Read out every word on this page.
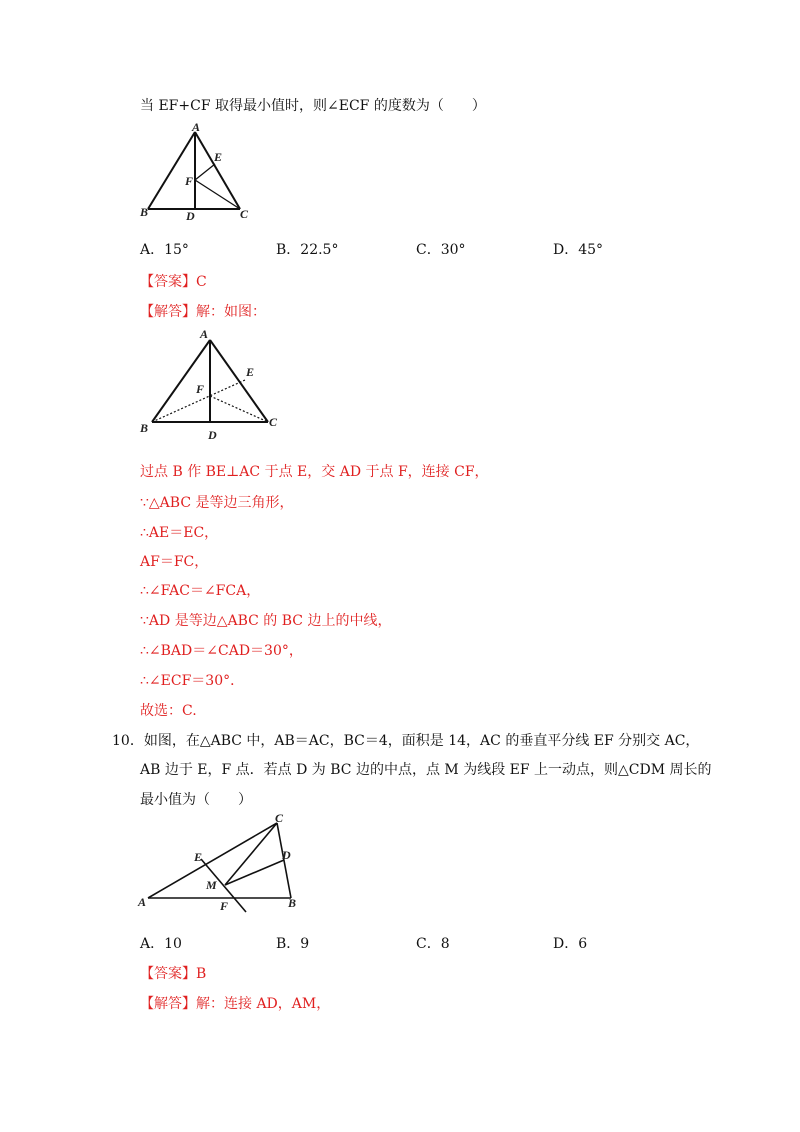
当 EF+CF 取得最小值时，则∠ECF 的度数为（　　）
A
E
F
B	D	C
A．15°	B．22.5°	C．30°	D．45°
【答案】C
【解答】解：如图：
A
E
F
B	D
C
过点 B 作 BE⊥AC 于点 E，交 AD 于点 F，连接 CF，
∵△ABC 是等边三角形，
∴AE＝EC，
AF＝FC，
∴∠FAC＝∠FCA，
∵AD 是等边△ABC 的 BC 边上的中线，
∴∠BAD＝∠CAD＝30°，
∴∠ECF＝30°．
故选：C.
10．如图，在△ABC 中，AB＝AC，BC＝4，面积是 14，AC 的垂直平分线 EF 分别交 AC，
AB 边于 E，F 点．若点 D 为 BC 边的中点，点 M 为线段 EF 上一动点，则△CDM 周长的
最小值为（　　）
C
E	D
M
A	F	B
A．10	B．9	C．8	D．6
【答案】B
【解答】解：连接 AD，AM，
